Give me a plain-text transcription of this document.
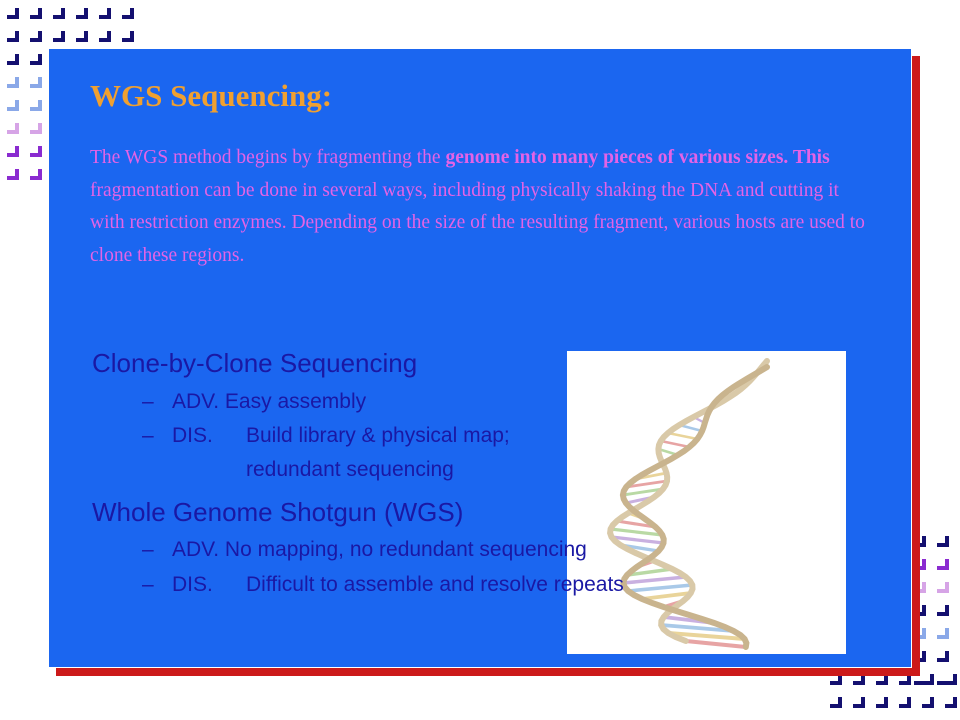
WGS Sequencing:

The WGS method begins by fragmenting the genome into many pieces of various sizes. This fragmentation can be done in several ways, including physically shaking the DNA and cutting it with restriction enzymes. Depending on the size of the resulting fragment, various hosts are used to clone these regions.

Clone-by-Clone Sequencing
– ADV. Easy assembly
– DIS. Build library & physical map;
redundant sequencing
Whole Genome Shotgun (WGS)
– ADV. No mapping, no redundant sequencing
– DIS. Difficult to assemble and resolve repeats
